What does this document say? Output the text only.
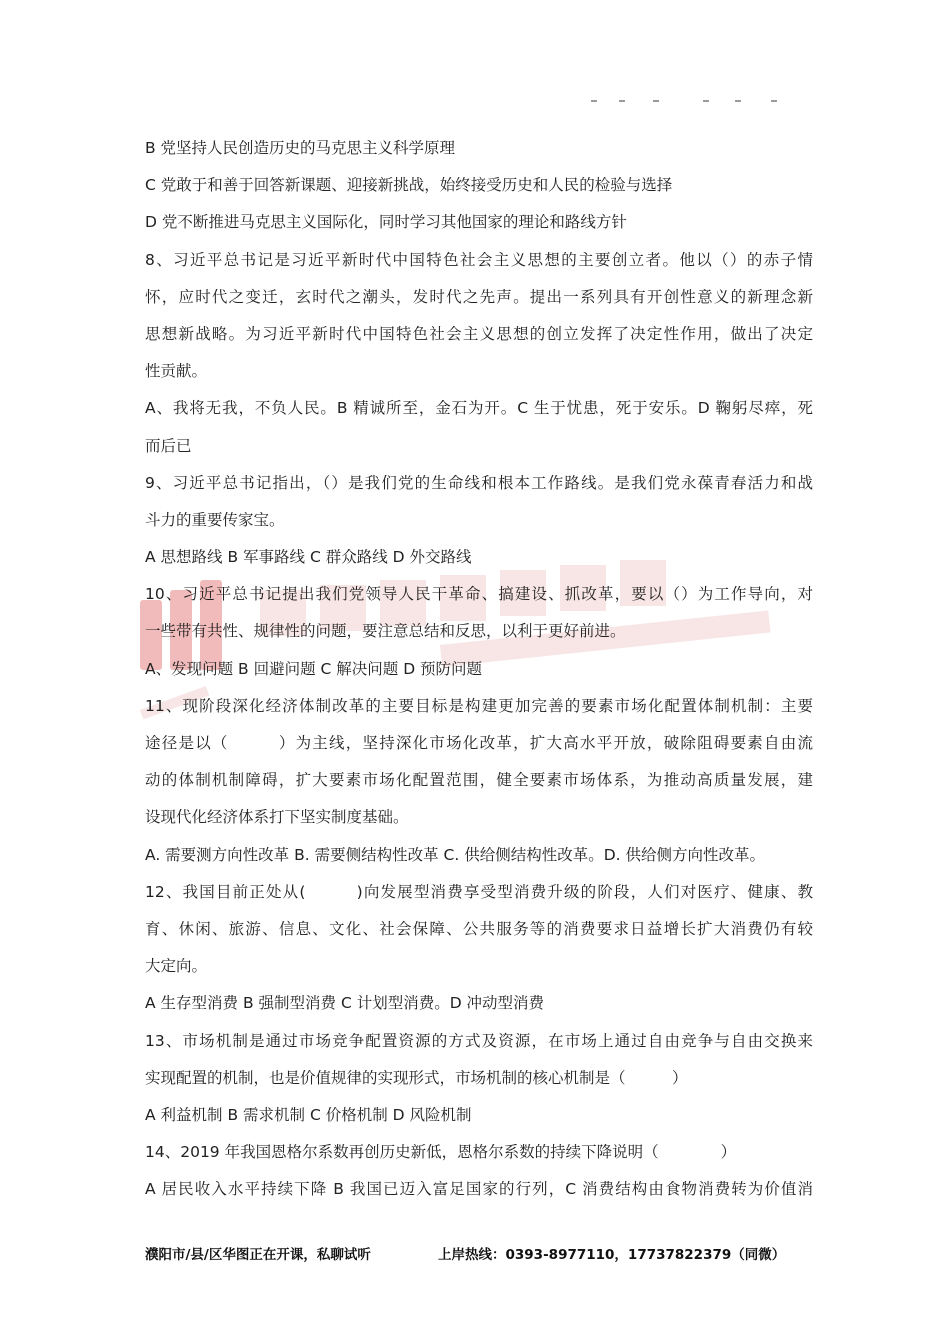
B 党坚持人民创造历史的马克思主义科学原理
C 党敢于和善于回答新课题、迎接新挑战，始终接受历史和人民的检验与选择
D 党不断推进马克思主义国际化，同时学习其他国家的理论和路线方针
8、习近平总书记是习近平新时代中国特色社会主义思想的主要创立者。他以（）的赤子情
怀，应时代之变迁，玄时代之潮头，发时代之先声。提出一系列具有开创性意义的新理念新
思想新战略。为习近平新时代中国特色社会主义思想的创立发挥了决定性作用，做出了决定
性贡献。
A、我将无我，不负人民。B 精诚所至，金石为开。C 生于忧患，死于安乐。D 鞠躬尽瘁，死
而后已
9、习近平总书记指出，（）是我们党的生命线和根本工作路线。是我们党永葆青春活力和战
斗力的重要传家宝。
A 思想路线 B 军事路线 C 群众路线 D 外交路线
10、习近平总书记提出我们党领导人民干革命、搞建设、抓改革，要以（）为工作导向，对
一些带有共性、规律性的问题，要注意总结和反思，以利于更好前进。
A、发现问题 B 回避问题 C 解决问题 D 预防问题
11、现阶段深化经济体制改革的主要目标是构建更加完善的要素市场化配置体制机制：主要
途径是以（　　　）为主线，坚持深化市场化改革，扩大高水平开放，破除阻碍要素自由流
动的体制机制障碍，扩大要素市场化配置范围，健全要素市场体系，为推动高质量发展，建
设现代化经济体系打下坚实制度基础。
A. 需要测方向性改革 B. 需要侧结构性改革 C. 供给侧结构性改革。D. 供给侧方向性改革。
12、我国目前正处从(　　　)向发展型消费享受型消费升级的阶段，人们对医疗、健康、教
育、休闲、旅游、信息、文化、社会保障、公共服务等的消费要求日益增长扩大消费仍有较
大定向。
A 生存型消费 B 强制型消费 C 计划型消费。D 冲动型消费
13、市场机制是通过市场竞争配置资源的方式及资源，在市场上通过自由竞争与自由交换来
实现配置的机制，也是价值规律的实现形式，市场机制的核心机制是（　　　）
A 利益机制 B 需求机制 C 价格机制 D 风险机制
14、2019 年我国恩格尔系数再创历史新低，恩格尔系数的持续下降说明（　　　　）
A 居民收入水平持续下降 B 我国已迈入富足国家的行列，C 消费结构由食物消费转为价值消
濮阳市/县/区华图正在开课，私聊试听	上岸热线：0393-8977110，17737822379（同微）
